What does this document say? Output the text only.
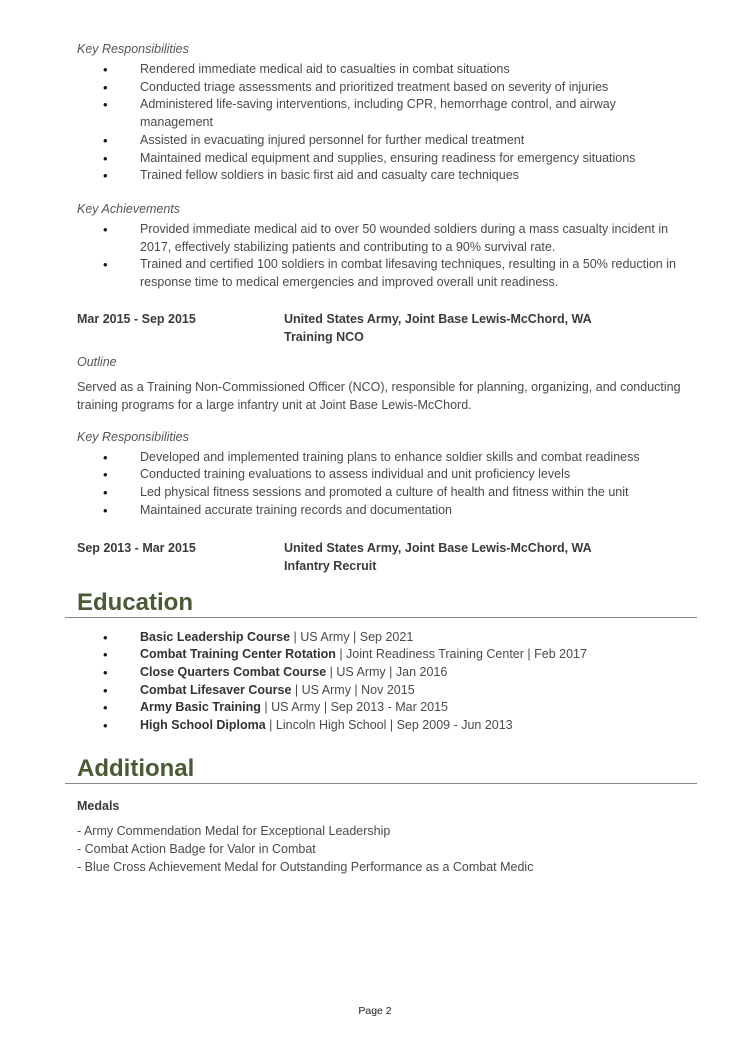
Key Responsibilities

• Rendered immediate medical aid to casualties in combat situations
• Conducted triage assessments and prioritized treatment based on severity of injuries
• Administered life-saving interventions, including CPR, hemorrhage control, and airway management
• Assisted in evacuating injured personnel for further medical treatment
• Maintained medical equipment and supplies, ensuring readiness for emergency situations
• Trained fellow soldiers in basic first aid and casualty care techniques

Key Achievements

• Provided immediate medical aid to over 50 wounded soldiers during a mass casualty incident in 2017, effectively stabilizing patients and contributing to a 90% survival rate.
• Trained and certified 100 soldiers in combat lifesaving techniques, resulting in a 50% reduction in response time to medical emergencies and improved overall unit readiness.
Mar 2015 - Sep 2015	United States Army, Joint Base Lewis-McChord, WA
Training NCO

Outline

Served as a Training Non-Commissioned Officer (NCO), responsible for planning, organizing, and conducting training programs for a large infantry unit at Joint Base Lewis-McChord.

Key Responsibilities

• Developed and implemented training plans to enhance soldier skills and combat readiness
• Conducted training evaluations to assess individual and unit proficiency levels
• Led physical fitness sessions and promoted a culture of health and fitness within the unit
• Maintained accurate training records and documentation
Sep 2013 - Mar 2015	United States Army, Joint Base Lewis-McChord, WA
Infantry Recruit
Education
• Basic Leadership Course | US Army | Sep 2021
• Combat Training Center Rotation | Joint Readiness Training Center | Feb 2017
• Close Quarters Combat Course | US Army | Jan 2016
• Combat Lifesaver Course | US Army | Nov 2015
• Army Basic Training | US Army | Sep 2013 - Mar 2015
• High School Diploma | Lincoln High School | Sep 2009 - Jun 2013
Additional
Medals
- Army Commendation Medal for Exceptional Leadership
- Combat Action Badge for Valor in Combat
- Blue Cross Achievement Medal for Outstanding Performance as a Combat Medic
Page 2
